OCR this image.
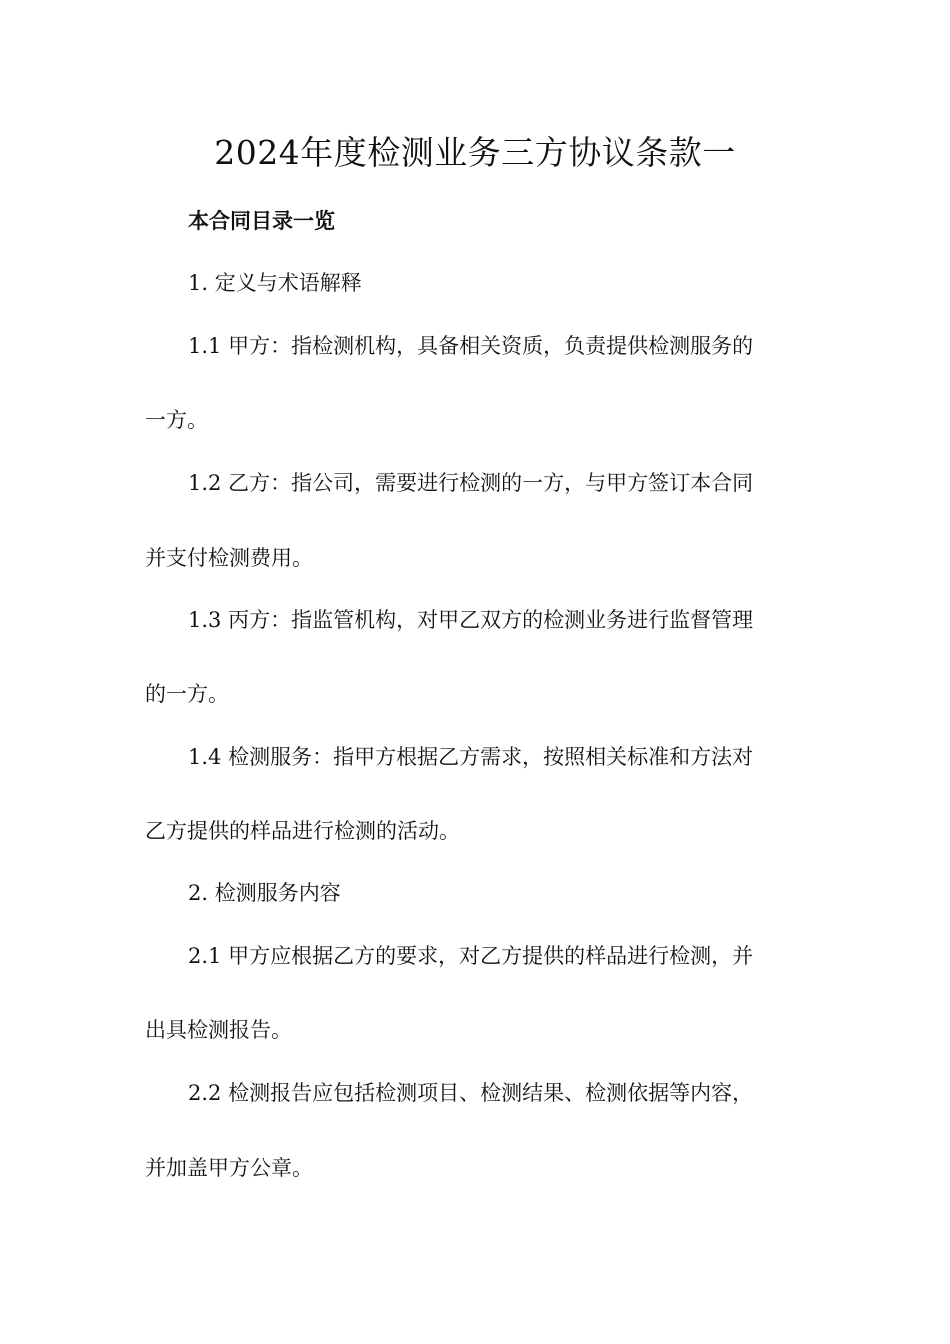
2024年度检测业务三方协议条款一
本合同目录一览

1. 定义与术语解释

1.1 甲方：指检测机构，具备相关资质，负责提供检测服务的

一方。

1.2 乙方：指公司，需要进行检测的一方，与甲方签订本合同

并支付检测费用。

1.3 丙方：指监管机构，对甲乙双方的检测业务进行监督管理

的一方。

1.4 检测服务：指甲方根据乙方需求，按照相关标准和方法对

乙方提供的样品进行检测的活动。

2. 检测服务内容

2.1 甲方应根据乙方的要求，对乙方提供的样品进行检测，并

出具检测报告。

2.2 检测报告应包括检测项目、检测结果、检测依据等内容，

并加盖甲方公章。
